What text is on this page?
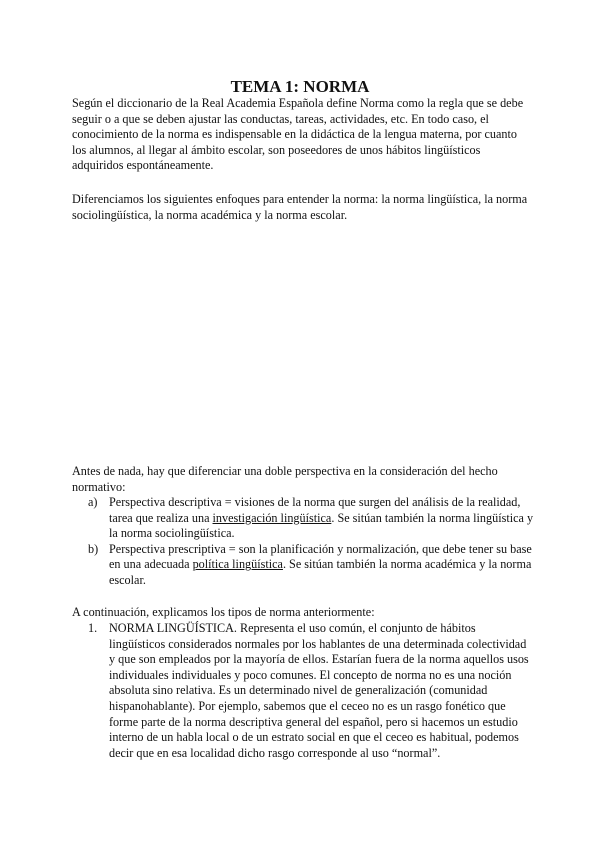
TEMA 1: NORMA

Según el diccionario de la Real Academia Española define Norma como la regla que se debe seguir o a que se deben ajustar las conductas, tareas, actividades, etc. En todo caso, el conocimiento de la norma es indispensable en la didáctica de la lengua materna, por cuanto los alumnos, al llegar al ámbito escolar, son poseedores de unos hábitos lingüísticos adquiridos espontáneamente.

Diferenciamos los siguientes enfoques para entender la norma: la norma lingüística, la norma sociolingüística, la norma académica y la norma escolar.

Antes de nada, hay que diferenciar una doble perspectiva en la consideración del hecho normativo:

a) Perspectiva descriptiva = visiones de la norma que surgen del análisis de la realidad, tarea que realiza una investigación lingüística. Se sitúan también la norma lingüística y la norma sociolingüística.
b) Perspectiva prescriptiva = son la planificación y normalización, que debe tener su base en una adecuada política lingüística. Se sitúan también la norma académica y la norma escolar.

A continuación, explicamos los tipos de norma anteriormente:

1. NORMA LINGÜÍSTICA. Representa el uso común, el conjunto de hábitos lingüísticos considerados normales por los hablantes de una determinada colectividad y que son empleados por la mayoría de ellos. Estarían fuera de la norma aquellos usos individuales individuales y poco comunes. El concepto de norma no es una noción absoluta sino relativa. Es un determinado nivel de generalización (comunidad hispanohablante). Por ejemplo, sabemos que el ceceo no es un rasgo fonético que forme parte de la norma descriptiva general del español, pero si hacemos un estudio interno de un habla local o de un estrato social en que el ceceo es habitual, podemos decir que en esa localidad dicho rasgo corresponde al uso “normal”.
